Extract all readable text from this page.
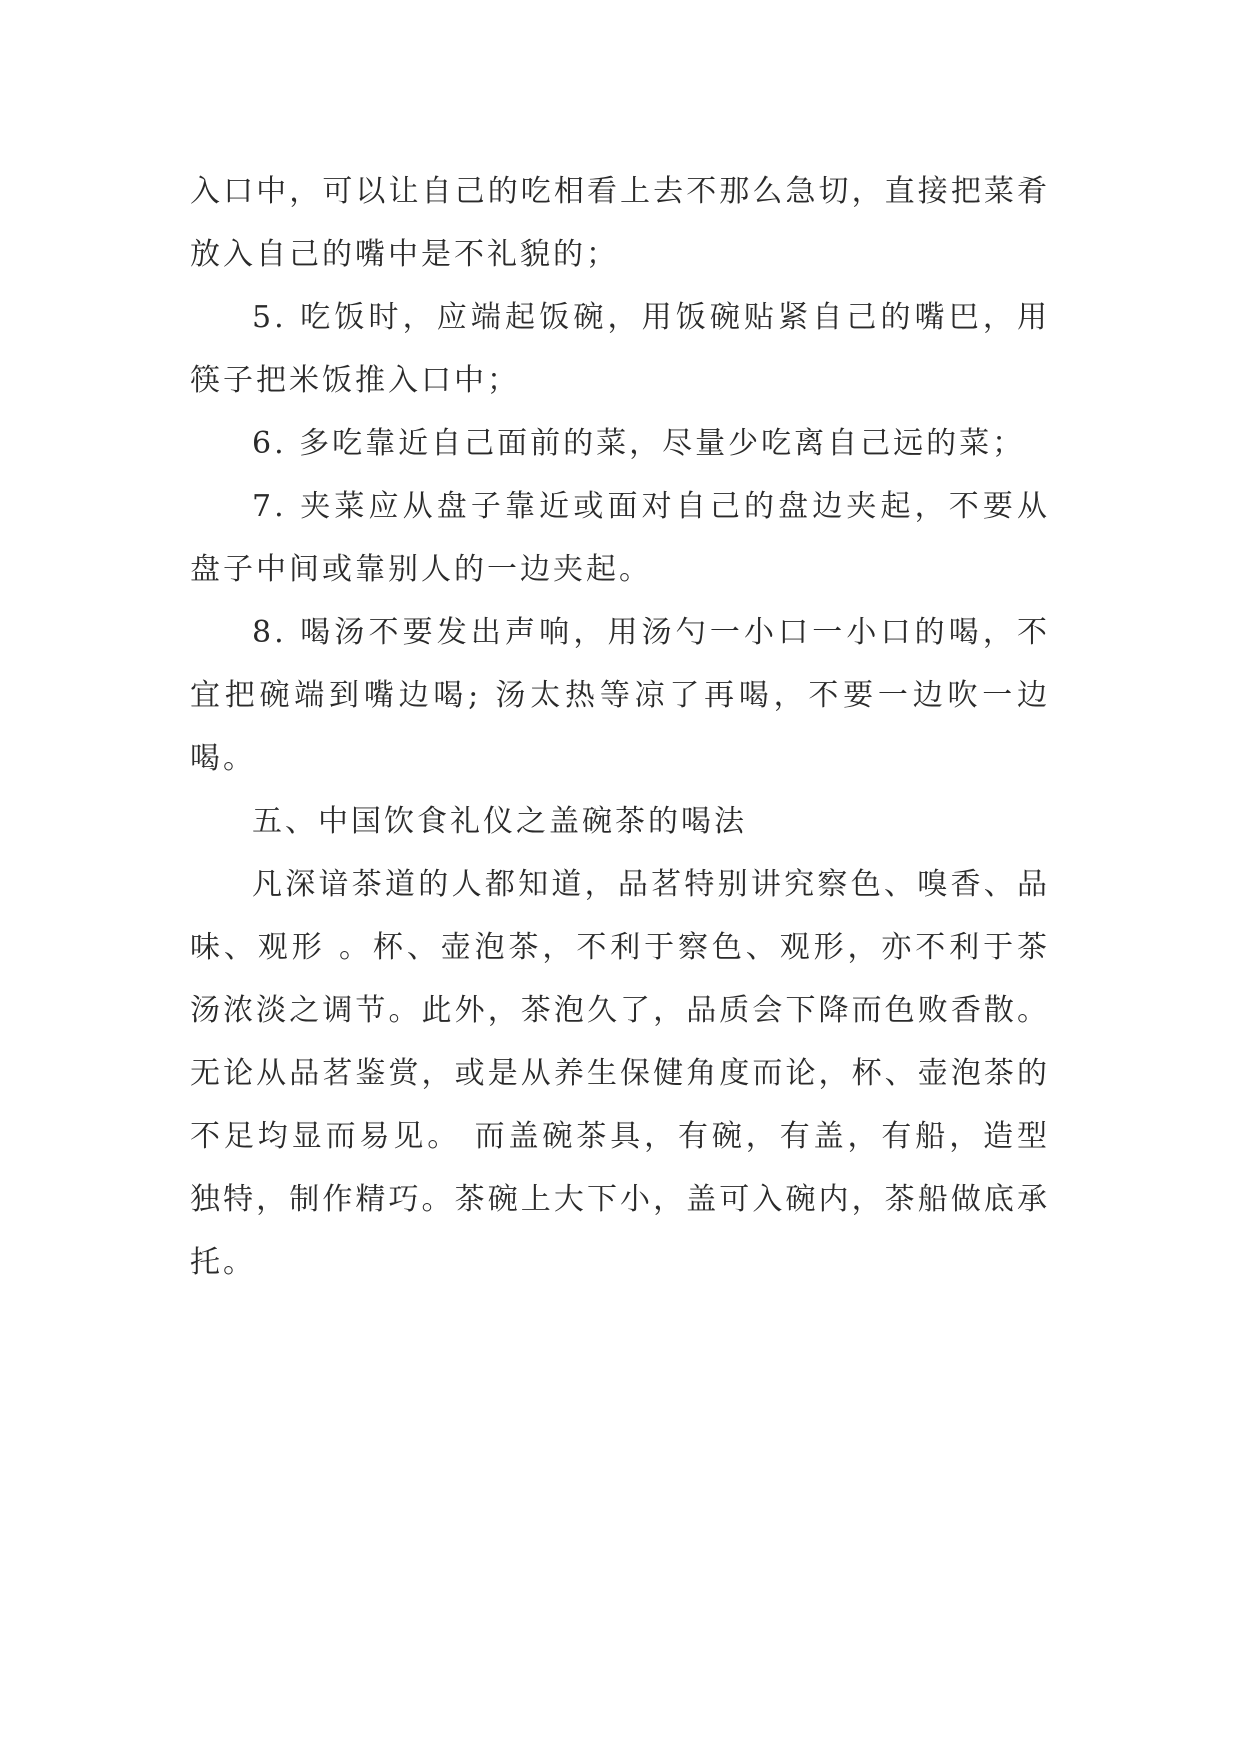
入口中，可以让自己的吃相看上去不那么急切，直接把菜肴放入自己的嘴中是不礼貌的；

5. 吃饭时，应端起饭碗，用饭碗贴紧自己的嘴巴，用筷子把米饭推入口中；

6. 多吃靠近自己面前的菜，尽量少吃离自己远的菜；

7. 夹菜应从盘子靠近或面对自己的盘边夹起，不要从盘子中间或靠别人的一边夹起。

8. 喝汤不要发出声响，用汤勺一小口一小口的喝，不宜把碗端到嘴边喝; 汤太热等凉了再喝，不要一边吹一边喝。

五、中国饮食礼仪之盖碗茶的喝法

凡深谙茶道的人都知道，品茗特别讲究察色、嗅香、品味、观形 。杯、壶泡茶，不利于察色、观形，亦不利于茶汤浓淡之调节。此外，茶泡久了，品质会下降而色败香散。无论从品茗鉴赏，或是从养生保健角度而论，杯、壶泡茶的不足均显而易见。 而盖碗茶具，有碗，有盖，有船，造型独特，制作精巧。茶碗上大下小，盖可入碗内，茶船做底承托。
